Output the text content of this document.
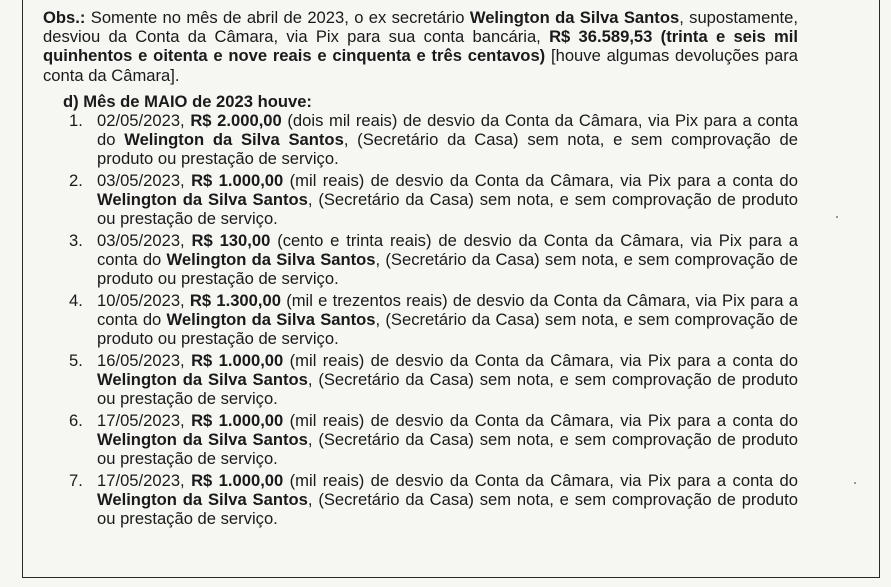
Obs.: Somente no mês de abril de 2023, o ex secretário Welington da Silva Santos, supostamente, desviou da Conta da Câmara, via Pix para sua conta bancária, R$ 36.589,53 (trinta e seis mil quinhentos e oitenta e nove reais e cinquenta e três centavos) [houve algumas devoluções para conta da Câmara].

d) Mês de MAIO de 2023 houve:
1. 02/05/2023, R$ 2.000,00 (dois mil reais) de desvio da Conta da Câmara, via Pix para a conta do Welington da Silva Santos, (Secretário da Casa) sem nota, e sem comprovação de produto ou prestação de serviço.
2. 03/05/2023, R$ 1.000,00 (mil reais) de desvio da Conta da Câmara, via Pix para a conta do Welington da Silva Santos, (Secretário da Casa) sem nota, e sem comprovação de produto ou prestação de serviço.
3. 03/05/2023, R$ 130,00 (cento e trinta reais) de desvio da Conta da Câmara, via Pix para a conta do Welington da Silva Santos, (Secretário da Casa) sem nota, e sem comprovação de produto ou prestação de serviço.
4. 10/05/2023, R$ 1.300,00 (mil e trezentos reais) de desvio da Conta da Câmara, via Pix para a conta do Welington da Silva Santos, (Secretário da Casa) sem nota, e sem comprovação de produto ou prestação de serviço.
5. 16/05/2023, R$ 1.000,00 (mil reais) de desvio da Conta da Câmara, via Pix para a conta do Welington da Silva Santos, (Secretário da Casa) sem nota, e sem comprovação de produto ou prestação de serviço.
6. 17/05/2023, R$ 1.000,00 (mil reais) de desvio da Conta da Câmara, via Pix para a conta do Welington da Silva Santos, (Secretário da Casa) sem nota, e sem comprovação de produto ou prestação de serviço.
7. 17/05/2023, R$ 1.000,00 (mil reais) de desvio da Conta da Câmara, via Pix para a conta do Welington da Silva Santos, (Secretário da Casa) sem nota, e sem comprovação de produto ou prestação de serviço.
